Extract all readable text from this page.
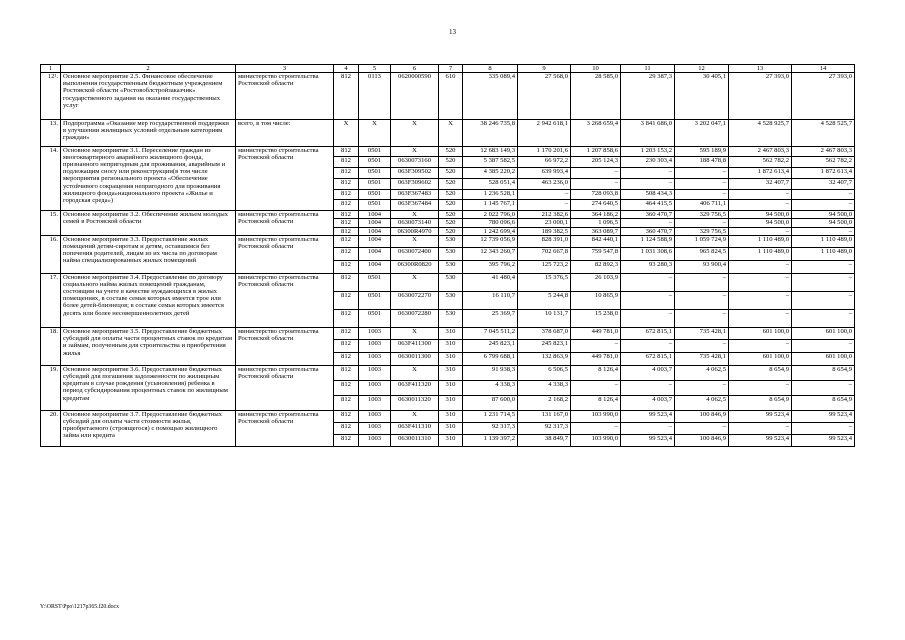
13
1	2	3	4	5	6	7	8	9	10	11	12	13	14
12¹.	Основное мероприятие 2.5. Финансовое обеспечение выполнения государственным бюджетным учреждением Ростовской области «Ростовоблстройзаказчик» государственного задания на оказание государственных услуг	министерство строительства Ростовской области	812	0113	0620000590	610	335 089,4	27 568,0	28 585,0	29 387,3	30 405,1	27 393,0	27 393,0
13.	Подпрограмма «Оказание мер государственной поддержки в улучшении жилищных условий отдельным категориям граждан»	всего, в том числе:	Х	Х	Х	Х	38 246 735,8	2 942 618,1	3 268 659,4	3 841 686,0	3 202 047,1	4 528 925,7	4 528 525,7
14.	Основное мероприятие 3.1. Переселение граждан из многоквартирного аварийного жилищного фонда, признанного непригодным для проживания, аварийным и подлежащим сносу или реконструкции(в том числе мероприятия регионального проекта «Обеспечение устойчивого сокращения непригодного для проживания жилищного фонда»национального проекта «Жилье и городская среда»)	министерство строительства Ростовской области	812	0501	Х	520	12 683 149,3	1 170 201,6	1 207 858,6	1 203 153,2	595 189,9	2 467 803,3	2 467 803,3
			812	0501	0630073160	520	5 387 582,5	66 972,2	205 124,3	230 303,4	188 478,8	562 782,2	562 782,2
			812	0501	063F309502	520	4 385 220,2	639 993,4	–	–	–	1 872 613,4	1 872 613,4
			812	0501	063F309602	520	528 051,4	463 236,0	–	–	–	32 407,7	32 407,7
			812	0501	063F367483	520	1 236 528,1	–	728 093,8	508 434,3	–	–	–
			812	0501	063F367484	520	1 145 767,1	–	274 640,5	464 415,5	406 711,1	–	–
15.	Основное мероприятие 3.2. Обеспечение жильем молодых семей в Ростовской области	министерство строительства Ростовской области	812	1004	Х	520	2 022 796,0	212 382,6	364 186,2	360 470,7	329 756,5	94 500,0	94 500,0
			812	1004	0630073140	520	780 096,6	23 000,1	1 096,5	–	–	94 500,0	94 500,0
			812	1004	06300R4970	520	1 242 699,4	189 382,5	363 089,7	360 470,7	329 756,5	–	–
16.	Основное мероприятие 3.3. Предоставление жилых помещений детям-сиротам и детям, оставшимся без попечения родителей, лицам из их числа по договорам найма специализированных жилых помещений	министерство строительства Ростовской области	812	1004	Х	530	12 739 056,9	828 391,0	842 440,1	1 124 588,9	1 059 724,9	1 110 489,0	1 110 489,0
			812	1004	0630072400	530	12 343 260,7	702 667,8	759 547,8	1 031 308,6	965 824,5	1 110 489,0	1 110 489,0
			812	1004	06300R0820	530	395 796,2	125 723,2	82 892,3	93 280,3	93 900,4	–	–
17.	Основное мероприятие 3.4. Предоставление по договору социального найма жилых помещений гражданам, состоящим на учете в качестве нуждающихся в жилых помещениях, в составе семьи которых имеется трое или более детей-близнецов; в составе семьи которых имеется десять или более несовершеннолетних детей	министерство строительства Ростовской области	812	0501	Х	530	41 480,4	15 376,5	26 103,9	–	–	–	–
			812	0501	0630072270	530	16 110,7	5 244,8	10 865,9	–	–	–	–
			812	0501	0630072280	530	25 369,7	10 131,7	15 238,0	–	–	–	–
18.	Основное мероприятие 3.5. Предоставление бюджетных субсидий для оплаты части процентных ставок по кредитам и займам, полученным для строительства и приобретения жилья	министерство строительства Ростовской области	812	1003	Х	310	7 045 511,2	378 687,0	449 781,0	672 815,1	735 428,1	601 100,0	601 100,0
			812	1003	063F411300	310	245 823,1	245 823,1	–	–	–	–	–
			812	1003	0630011300	310	6 799 688,1	132 863,9	449 781,0	672 815,1	735 428,1	601 100,0	601 100,0
19.	Основное мероприятие 3.6. Предоставление бюджетных субсидий для погашения задолженности по жилищным кредитам в случае рождения (усыновления) ребенка в период субсидирования процентных ставок по жилищным кредитам	министерство строительства Ростовской области	812	1003	Х	310	91 938,3	6 506,5	8 126,4	4 003,7	4 062,5	8 654,9	8 654,9
			812	1003	063F411320	310	4 338,3	4 338,3	–	–	–	–	–
			812	1003	0630011320	310	87 600,0	2 168,2	8 126,4	4 003,7	4 062,5	8 654,9	8 654,9
20.	Основное мероприятие 3.7. Предоставление бюджетных субсидий для оплаты части стоимости жилья, приобретаемого (строящегося) с помощью жилищного займа или кредита	министерство строительства Ростовской области	812	1003	Х	310	1 231 714,5	131 167,0	103 990,0	99 523,4	100 846,9	99 523,4	99 523,4
			812	1003	063F411310	310	92 317,3	92 317,3	–	–	–	–	–
			812	1003	0630011310	310	1 139 397,2	38 849,7	103 990,0	99 523,4	100 846,9	99 523,4	99 523,4
Y:\ORST\Ppo\1217p365.f20.docx
